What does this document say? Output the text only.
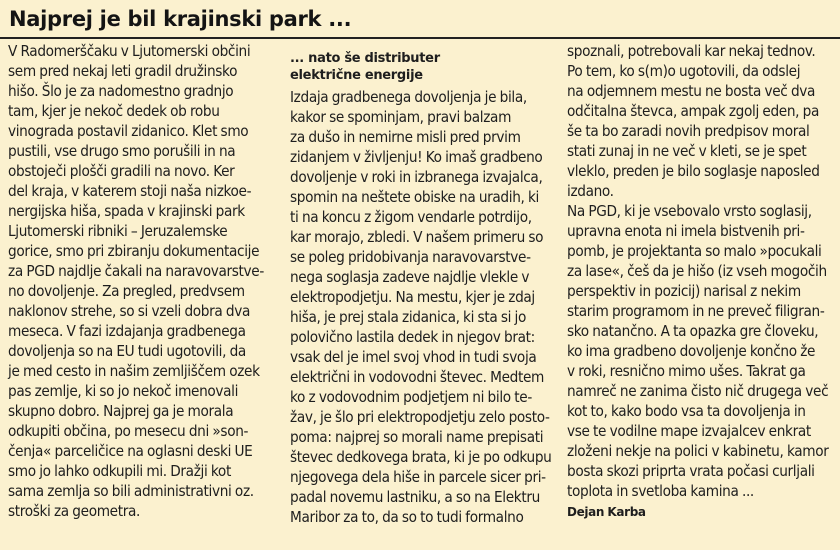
Najprej je bil krajinski park ...
V Radomerščaku v Ljutomerski občini
sem pred nekaj leti gradil družinsko
hišo. Šlo je za nadomestno gradnjo
tam, kjer je nekoč dedek ob robu
vinograda postavil zidanico. Klet smo
pustili, vse drugo smo porušili in na
obstoječi plošči gradili na novo. Ker
del kraja, v katerem stoji naša nizkoe-
nergijska hiša, spada v krajinski park
Ljutomerski ribniki – Jeruzalemske
gorice, smo pri zbiranju dokumentacije
za PGD najdlje čakali na naravovarstve-
no dovoljenje. Za pregled, predvsem
naklonov strehe, so si vzeli dobra dva
meseca. V fazi izdajanja gradbenega
dovoljenja so na EU tudi ugotovili, da
je med cesto in našim zemljiščem ozek
pas zemlje, ki so jo nekoč imenovali
skupno dobro. Najprej ga je morala
odkupiti občina, po mesecu dni »son-
čenja« parceličice na oglasni deski UE
smo jo lahko odkupili mi. Dražji kot
sama zemlja so bili administrativni oz.
stroški za geometra.
... nato še distributer
električne energije
Izdaja gradbenega dovoljenja je bila,
kakor se spominjam, pravi balzam
za dušo in nemirne misli pred prvim
zidanjem v življenju! Ko imaš gradbeno
dovoljenje v roki in izbranega izvajalca,
spomin na neštete obiske na uradih, ki
ti na koncu z žigom vendarle potrdijo,
kar morajo, zbledi. V našem primeru so
se poleg pridobivanja naravovarstve-
nega soglasja zadeve najdlje vlekle v
elektropodjetju. Na mestu, kjer je zdaj
hiša, je prej stala zidanica, ki sta si jo
polovično lastila dedek in njegov brat:
vsak del je imel svoj vhod in tudi svoja
električni in vodovodni števec. Medtem
ko z vodovodnim podjetjem ni bilo te-
žav, je šlo pri elektropodjetju zelo posto-
poma: najprej so morali name prepisati
števec dedkovega brata, ki je po odkupu
njegovega dela hiše in parcele sicer pri-
padal novemu lastniku, a so na Elektru
Maribor za to, da so to tudi formalno
spoznali, potrebovali kar nekaj tednov.
Po tem, ko s(m)o ugotovili, da odslej
na odjemnem mestu ne bosta več dva
odčitalna števca, ampak zgolj eden, pa
še ta bo zaradi novih predpisov moral
stati zunaj in ne več v kleti, se je spet
vleklo, preden je bilo soglasje naposled
izdano.
Na PGD, ki je vsebovalo vrsto soglasij,
upravna enota ni imela bistvenih pri-
pomb, je projektanta so malo »pocukali
za lase«, češ da je hišo (iz vseh mogočih
perspektiv in pozicij) narisal z nekim
starim programom in ne preveč filigran-
sko natančno. A ta opazka gre človeku,
ko ima gradbeno dovoljenje končno že
v roki, resnično mimo ušes. Takrat ga
namreč ne zanima čisto nič drugega več
kot to, kako bodo vsa ta dovoljenja in
vse te vodilne mape izvajalcev enkrat
zloženi nekje na polici v kabinetu, kamor
bosta skozi priprta vrata počasi curljali
toplota in svetloba kamina ...
Dejan Karba
